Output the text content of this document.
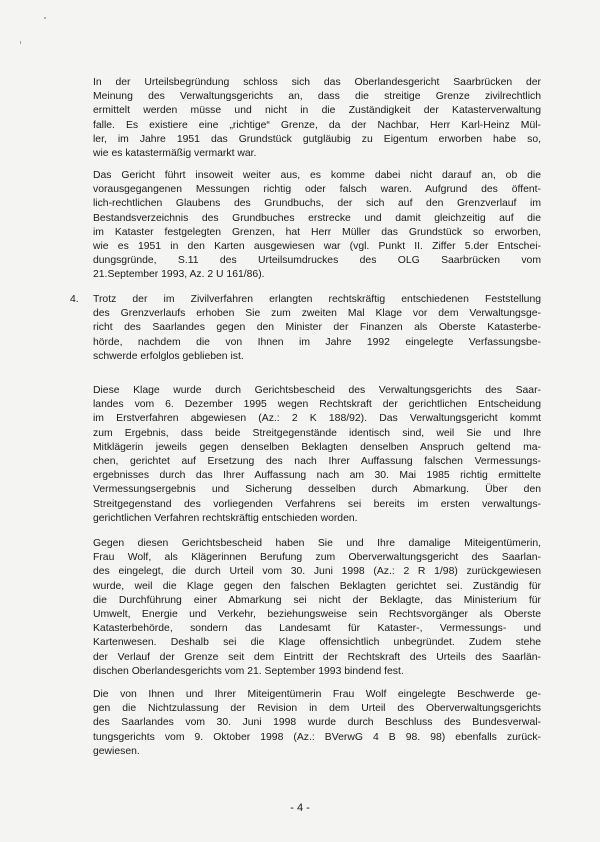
In der Urteilsbegründung schloss sich das Oberlandesgericht Saarbrücken der
Meinung des Verwaltungsgerichts an, dass die streitige Grenze zivilrechtlich
ermittelt werden müsse und nicht in die Zuständigkeit der Katasterverwaltung
falle. Es existiere eine „richtige“ Grenze, da der Nachbar, Herr Karl-Heinz Mül-
ler, im Jahre 1951 das Grundstück gutgläubig zu Eigentum erworben habe so,
wie es katastermäßig vermarkt war.
Das Gericht führt insoweit weiter aus, es komme dabei nicht darauf an, ob die
vorausgegangenen Messungen richtig oder falsch waren. Aufgrund des öffent-
lich-rechtlichen Glaubens des Grundbuchs, der sich auf den Grenzverlauf im
Bestandsverzeichnis des Grundbuches erstrecke und damit gleichzeitig auf die
im Kataster festgelegten Grenzen, hat Herr Müller das Grundstück so erworben,
wie es 1951 in den Karten ausgewiesen war (vgl. Punkt II. Ziffer 5.der Entschei-
dungsgründe, S.11 des Urteilsumdruckes des OLG Saarbrücken vom
21.September 1993, Az. 2 U 161/86).
4. Trotz der im Zivilverfahren erlangten rechtskräftig entschiedenen Feststellung
des Grenzverlaufs erhoben Sie zum zweiten Mal Klage vor dem Verwaltungsge-
richt des Saarlandes gegen den Minister der Finanzen als Oberste Katasterbe-
hörde, nachdem die von Ihnen im Jahre 1992 eingelegte Verfassungsbe-
schwerde erfolglos geblieben ist.
Diese Klage wurde durch Gerichtsbescheid des Verwaltungsgerichts des Saar-
landes vom 6. Dezember 1995 wegen Rechtskraft der gerichtlichen Entscheidung
im Erstverfahren abgewiesen (Az.: 2 K 188/92). Das Verwaltungsgericht kommt
zum Ergebnis, dass beide Streitgegenstände identisch sind, weil Sie und Ihre
Mitklägerin jeweils gegen denselben Beklagten denselben Anspruch geltend ma-
chen, gerichtet auf Ersetzung des nach Ihrer Auffassung falschen Vermessungs-
ergebnisses durch das Ihrer Auffassung nach am 30. Mai 1985 richtig ermittelte
Vermessungsergebnis und Sicherung desselben durch Abmarkung. Über den
Streitgegenstand des vorliegenden Verfahrens sei bereits im ersten verwaltungs-
gerichtlichen Verfahren rechtskräftig entschieden worden.
Gegen diesen Gerichtsbescheid haben Sie und Ihre damalige Miteigentümerin,
Frau Wolf, als Klägerinnen Berufung zum Oberverwaltungsgericht des Saarlan-
des eingelegt, die durch Urteil vom 30. Juni 1998 (Az.: 2 R 1/98) zurückgewiesen
wurde, weil die Klage gegen den falschen Beklagten gerichtet sei. Zuständig für
die Durchführung einer Abmarkung sei nicht der Beklagte, das Ministerium für
Umwelt, Energie und Verkehr, beziehungsweise sein Rechtsvorgänger als Oberste
Katasterbehörde, sondern das Landesamt für Kataster-, Vermessungs- und
Kartenwesen. Deshalb sei die Klage offensichtlich unbegründet. Zudem stehe
der Verlauf der Grenze seit dem Eintritt der Rechtskraft des Urteils des Saarlän-
dischen Oberlandesgerichts vom 21. September 1993 bindend fest.
Die von Ihnen und Ihrer Miteigentümerin Frau Wolf eingelegte Beschwerde ge-
gen die Nichtzulassung der Revision in dem Urteil des Oberverwaltungsgerichts
des Saarlandes vom 30. Juni 1998 wurde durch Beschluss des Bundesverwal-
tungsgerichts vom 9. Oktober 1998 (Az.: BVerwG 4 B 98. 98) ebenfalls zurück-
gewiesen.
- 4 -
